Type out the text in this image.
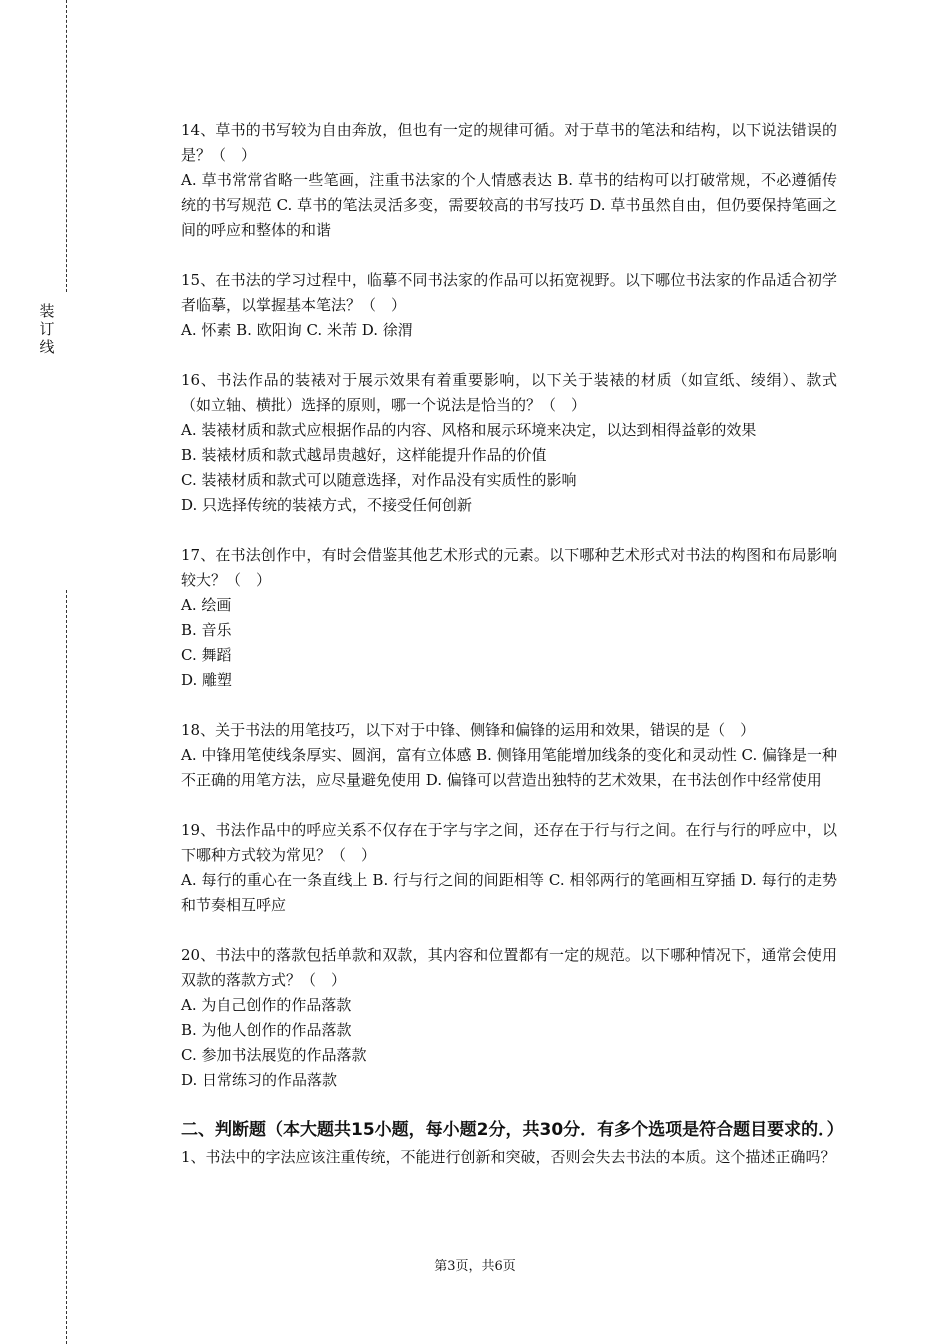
装
订
线

14、草书的书写较为自由奔放，但也有一定的规律可循。对于草书的笔法和结构，以下说法错误的是？（　）

A. 草书常常省略一些笔画，注重书法家的个人情感表达 B. 草书的结构可以打破常规，不必遵循传统的书写规范 C. 草书的笔法灵活多变，需要较高的书写技巧 D. 草书虽然自由，但仍要保持笔画之间的呼应和整体的和谐

15、在书法的学习过程中，临摹不同书法家的作品可以拓宽视野。以下哪位书法家的作品适合初学者临摹，以掌握基本笔法？（　）

A. 怀素 B. 欧阳询 C. 米芾 D. 徐渭

16、书法作品的装裱对于展示效果有着重要影响，以下关于装裱的材质（如宣纸、绫绢）、款式（如立轴、横批）选择的原则，哪一个说法是恰当的？（　）

A. 装裱材质和款式应根据作品的内容、风格和展示环境来决定，以达到相得益彰的效果

B. 装裱材质和款式越昂贵越好，这样能提升作品的价值

C. 装裱材质和款式可以随意选择，对作品没有实质性的影响

D. 只选择传统的装裱方式，不接受任何创新

17、在书法创作中，有时会借鉴其他艺术形式的元素。以下哪种艺术形式对书法的构图和布局影响较大？（　）

A. 绘画

B. 音乐

C. 舞蹈

D. 雕塑

18、关于书法的用笔技巧，以下对于中锋、侧锋和偏锋的运用和效果，错误的是（　）

A. 中锋用笔使线条厚实、圆润，富有立体感 B. 侧锋用笔能增加线条的变化和灵动性 C. 偏锋是一种不正确的用笔方法，应尽量避免使用 D. 偏锋可以营造出独特的艺术效果，在书法创作中经常使用

19、书法作品中的呼应关系不仅存在于字与字之间，还存在于行与行之间。在行与行的呼应中，以下哪种方式较为常见？（　）

A. 每行的重心在一条直线上 B. 行与行之间的间距相等 C. 相邻两行的笔画相互穿插 D. 每行的走势和节奏相互呼应

20、书法中的落款包括单款和双款，其内容和位置都有一定的规范。以下哪种情况下，通常会使用双款的落款方式？（　）

A. 为自己创作的作品落款

B. 为他人创作的作品落款

C. 参加书法展览的作品落款

D. 日常练习的作品落款

二、判断题（本大题共15小题，每小题2分，共30分．有多个选项是符合题目要求的．）

1、书法中的字法应该注重传统，不能进行创新和突破，否则会失去书法的本质。这个描述正确吗？

第3页，共6页
